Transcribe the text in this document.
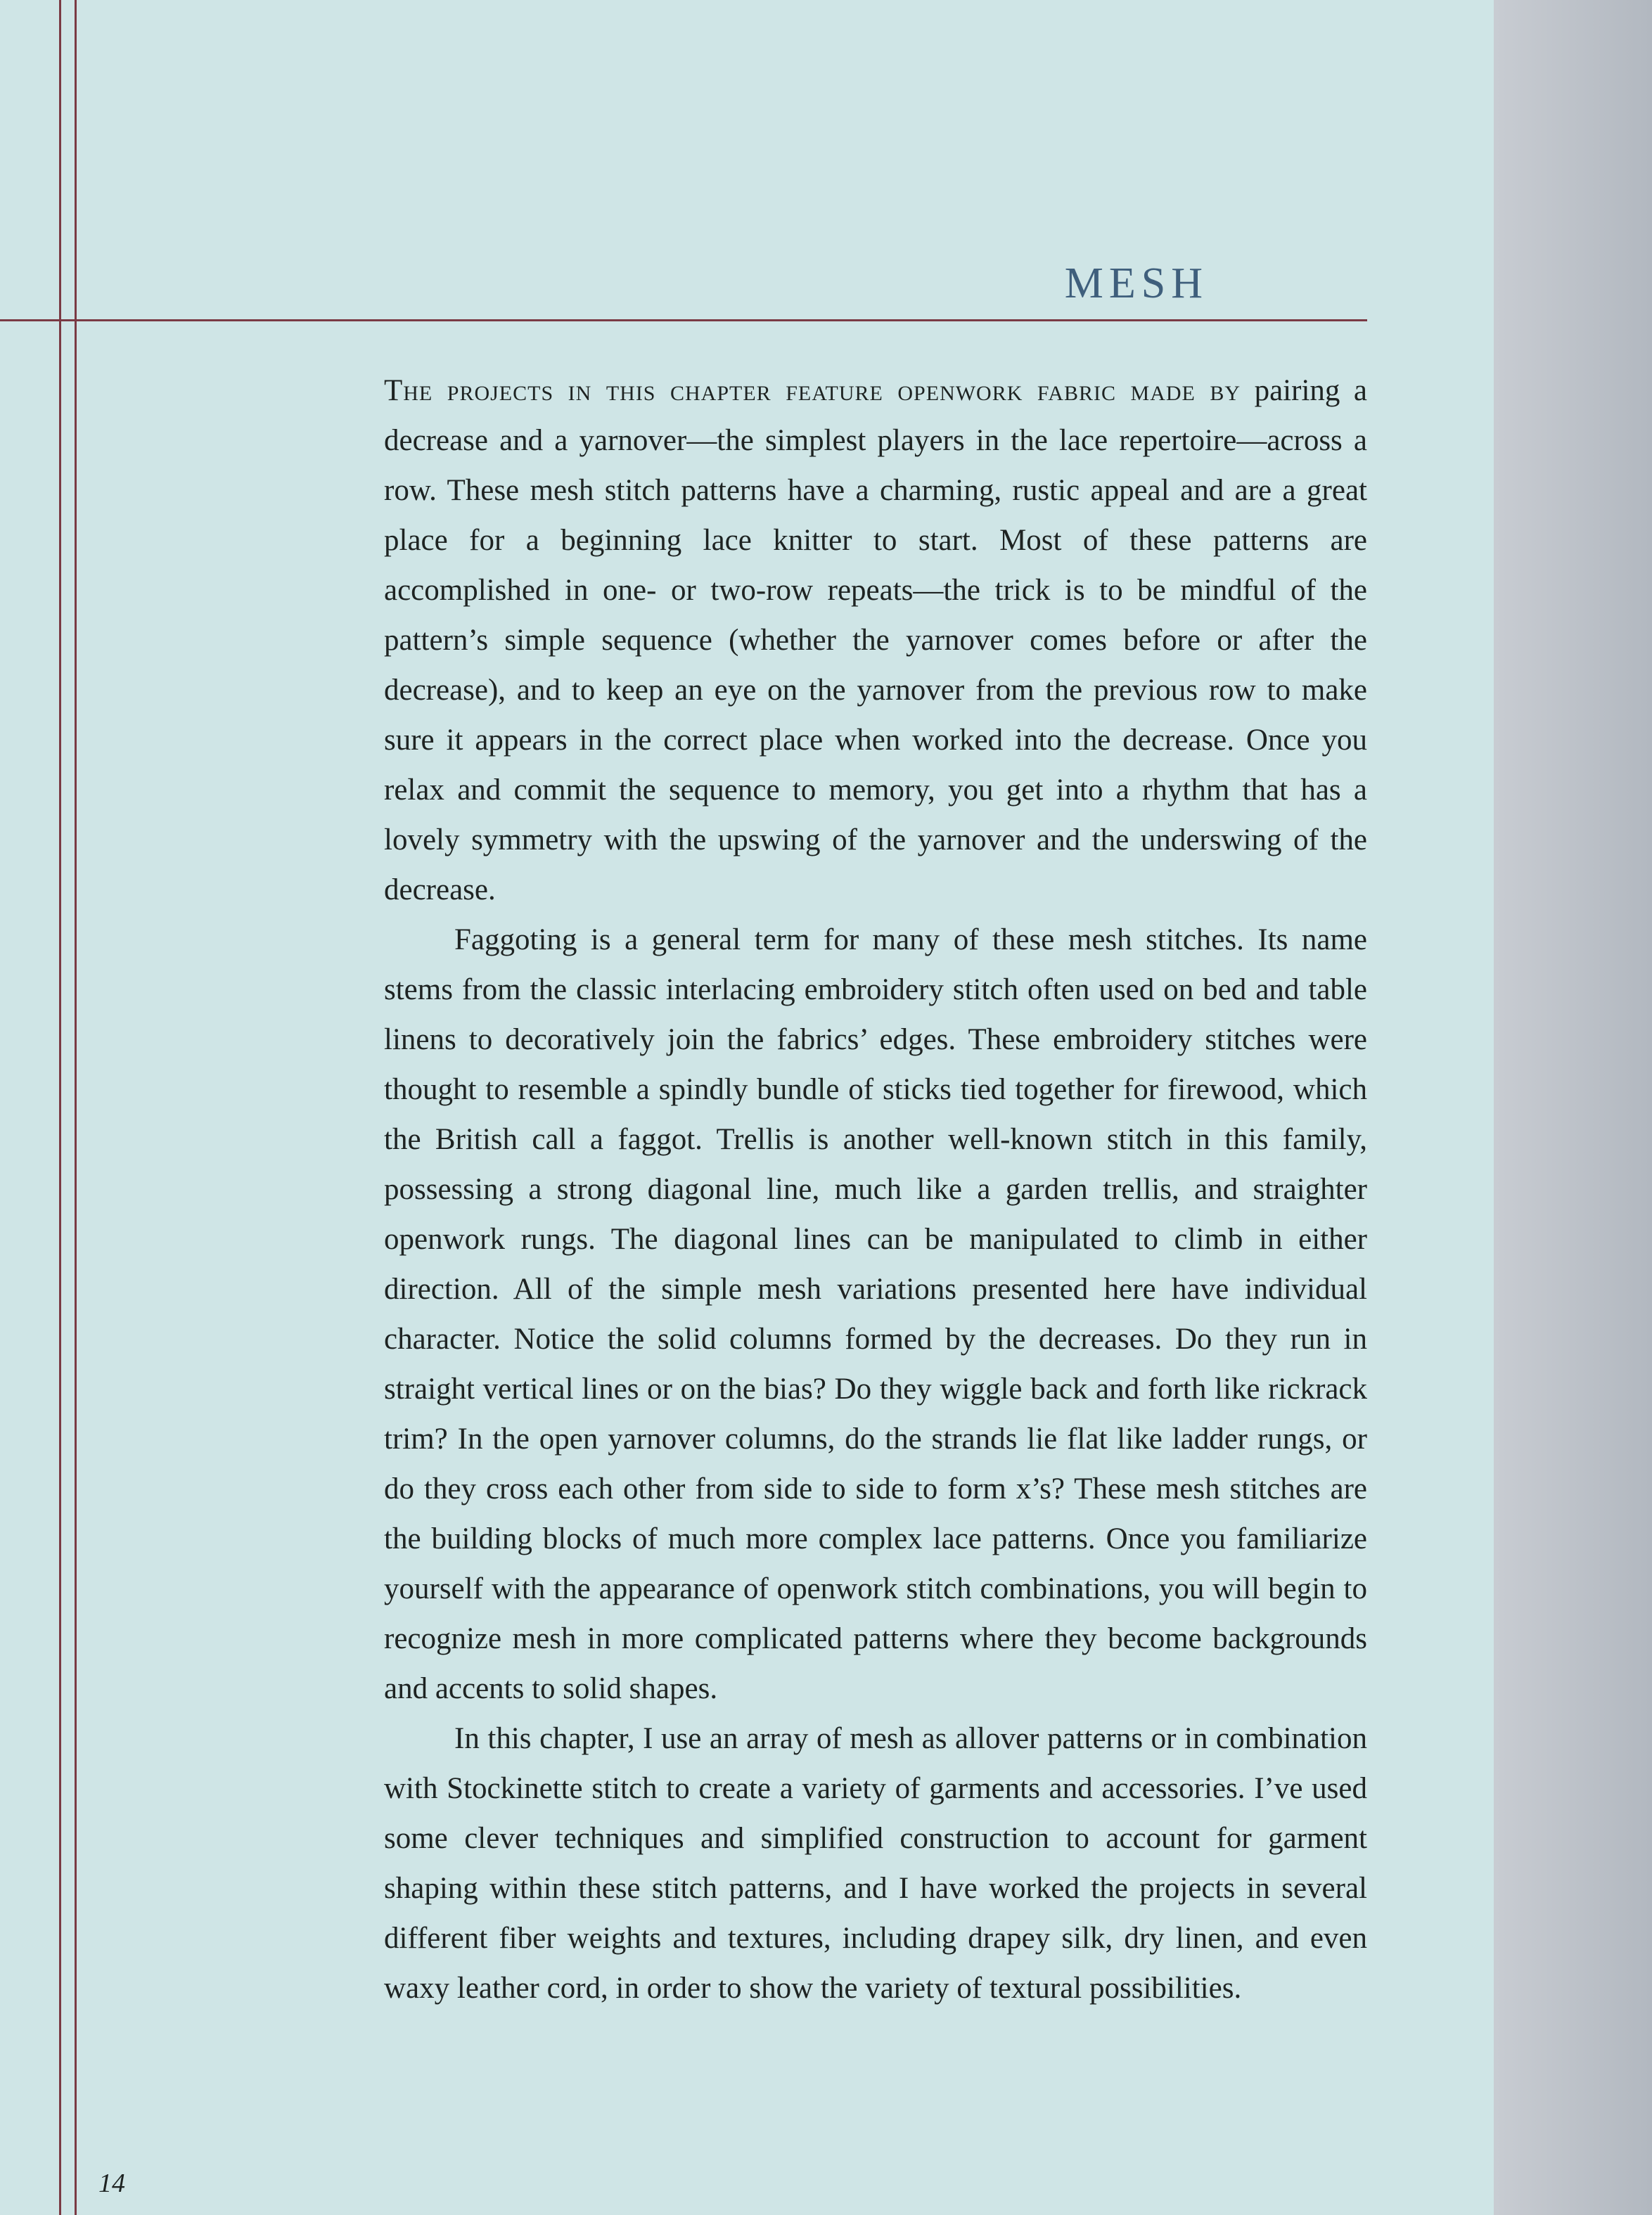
MESH

The projects in this chapter feature openwork fabric made by pairing a decrease and a yarnover—the simplest players in the lace repertoire—across a row. These mesh stitch patterns have a charming, rustic appeal and are a great place for a beginning lace knitter to start. Most of these patterns are accomplished in one- or two-row repeats—the trick is to be mindful of the pattern’s simple sequence (whether the yarnover comes before or after the decrease), and to keep an eye on the yarnover from the previous row to make sure it appears in the correct place when worked into the decrease. Once you relax and commit the sequence to memory, you get into a rhythm that has a lovely symmetry with the upswing of the yarnover and the underswing of the decrease.

Faggoting is a general term for many of these mesh stitches. Its name stems from the classic interlacing embroidery stitch often used on bed and table linens to decoratively join the fabrics’ edges. These embroidery stitches were thought to resemble a spindly bundle of sticks tied together for firewood, which the British call a faggot. Trellis is another well-known stitch in this family, possessing a strong diagonal line, much like a garden trellis, and straighter openwork rungs. The diagonal lines can be manipulated to climb in either direction. All of the simple mesh variations presented here have individual character. Notice the solid columns formed by the decreases. Do they run in straight vertical lines or on the bias? Do they wiggle back and forth like rickrack trim? In the open yarnover columns, do the strands lie flat like ladder rungs, or do they cross each other from side to side to form x’s? These mesh stitches are the building blocks of much more complex lace patterns. Once you familiarize yourself with the appearance of openwork stitch combinations, you will begin to recognize mesh in more complicated patterns where they become backgrounds and accents to solid shapes.

In this chapter, I use an array of mesh as allover patterns or in combination with Stockinette stitch to create a variety of garments and accessories. I’ve used some clever techniques and simplified construction to account for garment shaping within these stitch patterns, and I have worked the projects in several different fiber weights and textures, including drapey silk, dry linen, and even waxy leather cord, in order to show the variety of textural possibilities.

14
